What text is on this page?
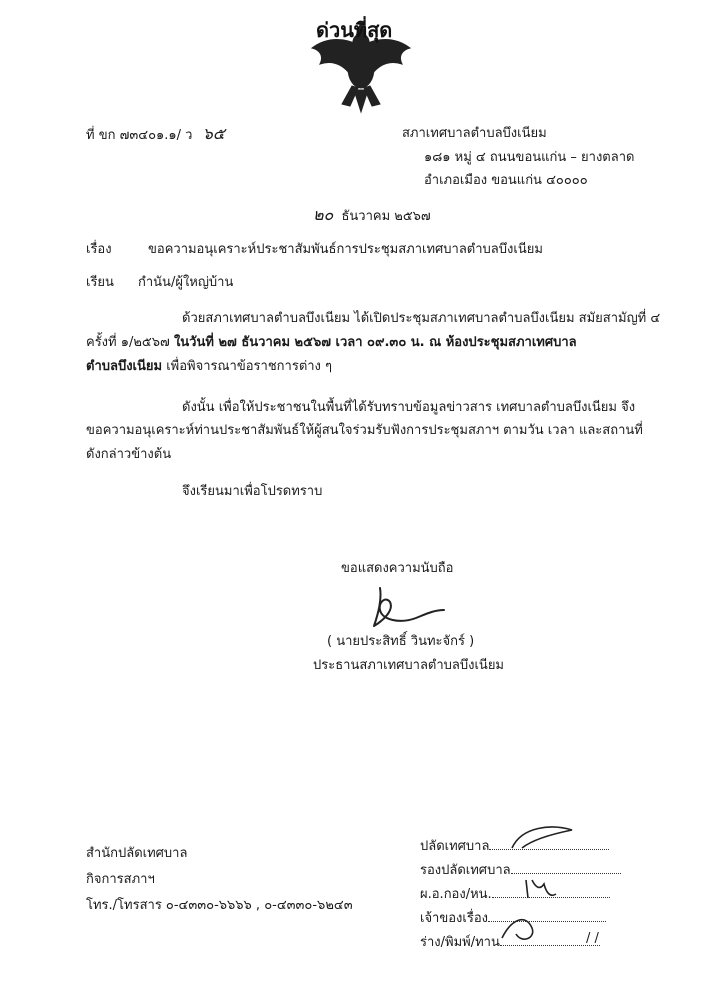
ด่วนที่สุด
ที่ ขก ๗๓๔๐๑.๑/ ว ๖๕	สภาเทศบาลตำบลบึงเนียม
๑๘๑ หมู่ ๔ ถนนขอนแก่น – ยางตลาด
อำเภอเมือง ขอนแก่น ๔๐๐๐๐
๒๐ ธันวาคม ๒๕๖๗
เรื่อง	ขอความอนุเคราะห์ประชาสัมพันธ์การประชุมสภาเทศบาลตำบลบึงเนียม
เรียน กำนัน/ผู้ใหญ่บ้าน
ด้วยสภาเทศบาลตำบลบึงเนียม ได้เปิดประชุมสภาเทศบาลตำบลบึงเนียม สมัยสามัญที่ ๔
ครั้งที่ ๑/๒๕๖๗ ในวันที่ ๒๗ ธันวาคม ๒๕๖๗ เวลา ๐๙.๓๐ น. ณ ห้องประชุมสภาเทศบาล
ตำบลบึงเนียม เพื่อพิจารณาข้อราชการต่าง ๆ
ดังนั้น เพื่อให้ประชาชนในพื้นที่ได้รับทราบข้อมูลข่าวสาร เทศบาลตำบลบึงเนียม จึง
ขอความอนุเคราะห์ท่านประชาสัมพันธ์ให้ผู้สนใจร่วมรับฟังการประชุมสภาฯ ตามวัน เวลา และสถานที่
ดังกล่าวข้างต้น
จึงเรียนมาเพื่อโปรดทราบ
ขอแสดงความนับถือ
( นายประสิทธิ์ วินทะจักร์ )
ประธานสภาเทศบาลตำบลบึงเนียม
สำนักปลัดเทศบาล
กิจการสภาฯ
โทร./โทรสาร ๐-๔๓๓๐-๖๖๖๖ , ๐-๔๓๓๐-๖๒๔๓
ปลัดเทศบาล
รองปลัดเทศบาล
ผ.อ.กอง/หน.
เจ้าของเรื่อง
ร่าง/พิมพ์/ทาน	/ /
